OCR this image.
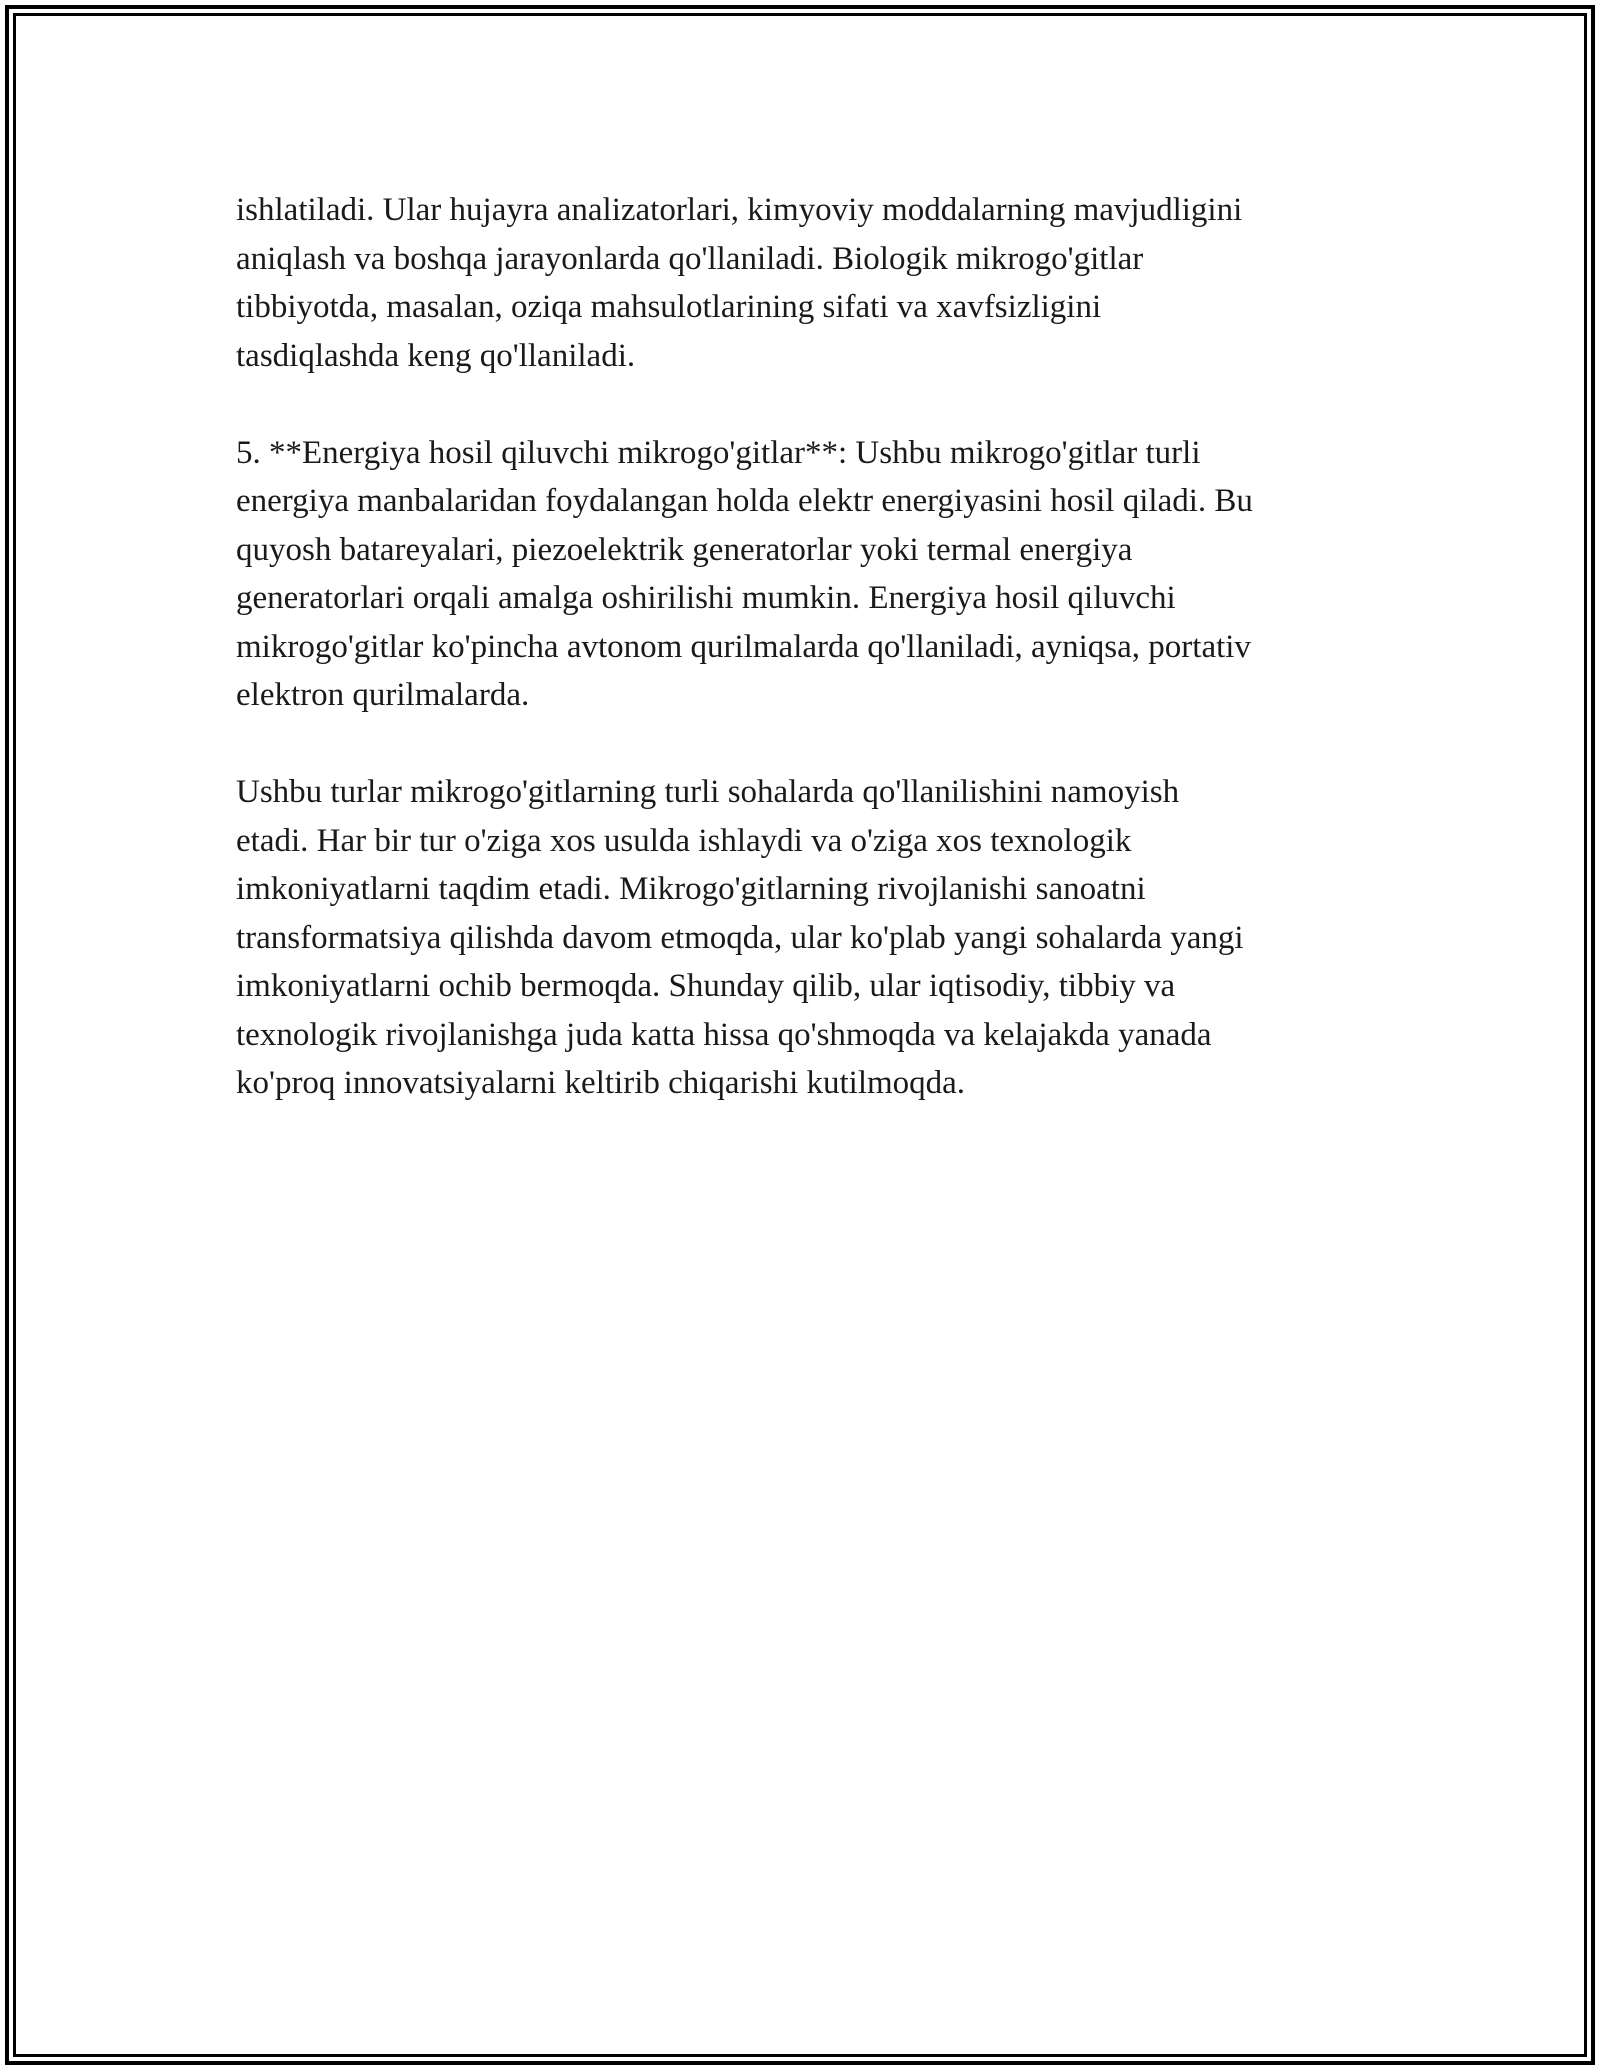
ishlatiladi. Ular hujayra analizatorlari, kimyoviy moddalarning mavjudligini
aniqlash va boshqa jarayonlarda qo'llaniladi. Biologik mikrogo'gitlar
tibbiyotda, masalan, oziqa mahsulotlarining sifati va xavfsizligini
tasdiqlashda keng qo'llaniladi.

5. **Energiya hosil qiluvchi mikrogo'gitlar**: Ushbu mikrogo'gitlar turli
energiya manbalaridan foydalangan holda elektr energiyasini hosil qiladi. Bu
quyosh batareyalari, piezoelektrik generatorlar yoki termal energiya
generatorlari orqali amalga oshirilishi mumkin. Energiya hosil qiluvchi
mikrogo'gitlar ko'pincha avtonom qurilmalarda qo'llaniladi, ayniqsa, portativ
elektron qurilmalarda.

Ushbu turlar mikrogo'gitlarning turli sohalarda qo'llanilishini namoyish
etadi. Har bir tur o'ziga xos usulda ishlaydi va o'ziga xos texnologik
imkoniyatlarni taqdim etadi. Mikrogo'gitlarning rivojlanishi sanoatni
transformatsiya qilishda davom etmoqda, ular ko'plab yangi sohalarda yangi
imkoniyatlarni ochib bermoqda. Shunday qilib, ular iqtisodiy, tibbiy va
texnologik rivojlanishga juda katta hissa qo'shmoqda va kelajakda yanada
ko'proq innovatsiyalarni keltirib chiqarishi kutilmoqda.
